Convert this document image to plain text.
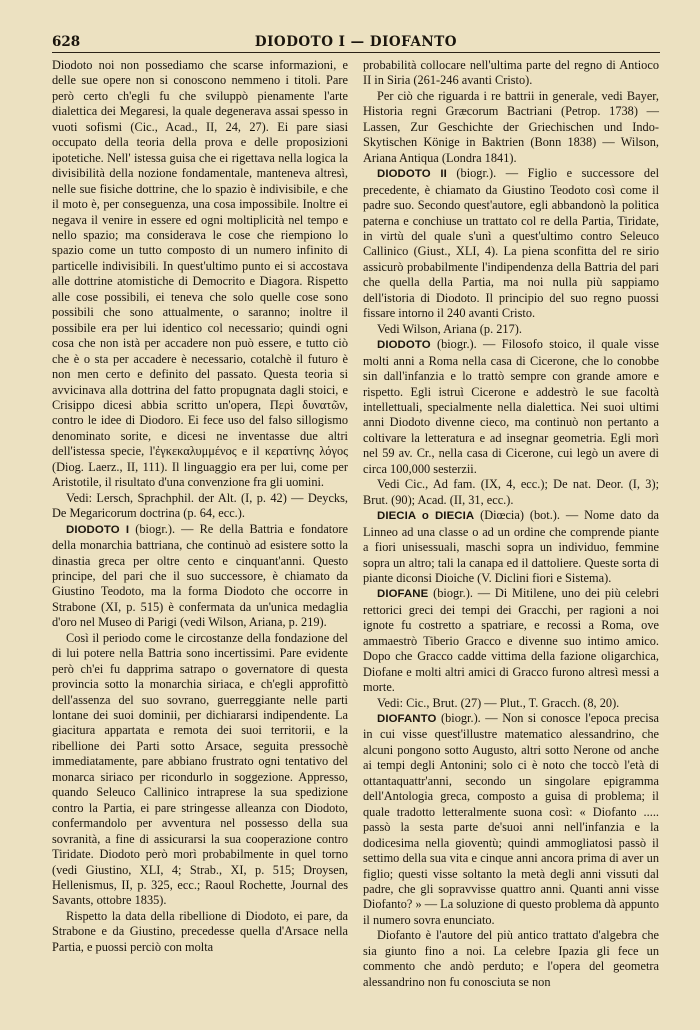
628	DIODOTO I — DIOFANTO

Diodoto noi non possediamo che scarse informazioni, e delle sue opere non si conoscono nemmeno i titoli. Pare però certo ch'egli fu che sviluppò pienamente l'arte dialettica dei Megaresi, la quale degenerava assai spesso in vuoti sofismi (Cic., Acad., II, 24, 27). Ei pare siasi occupato della teoria della prova e delle proposizioni ipotetiche. Nell' istessa guisa che ei rigettava nella logica la divisibilità della nozione fondamentale, manteneva altresì, nelle sue fisiche dottrine, che lo spazio è indivisibile, e che il moto è, per conseguenza, una cosa impossibile. Inoltre ei negava il venire in essere ed ogni moltiplicità nel tempo e nello spazio; ma considerava le cose che riempiono lo spazio come un tutto composto di un numero infinito di particelle indivisibili. In quest'ultimo punto ei si accostava alle dottrine atomistiche di Democrito e Diagora. Rispetto alle cose possibili, ei teneva che solo quelle cose sono possibili che sono attualmente, o saranno; inoltre il possibile era per lui identico col necessario; quindi ogni cosa che non istà per accadere non può essere, e tutto ciò che è o sta per accadere è necessario, cotalchè il futuro è non men certo e definito del passato. Questa teoria si avvicinava alla dottrina del fatto propugnata dagli stoici, e Crisippo dicesi abbia scritto un'opera, Περὶ δυνατῶν, contro le idee di Diodoro. Ei fece uso del falso sillogismo denominato sorite, e dicesi ne inventasse due altri dell'istessa specie, l'ἐγκεκαλυμμένος e il κερατίνης λόγος (Diog. Laerz., II, 111). Il linguaggio era per lui, come per Aristotile, il risultato d'una convenzione fra gli uomini.

Vedi: Lersch, Sprachphil. der Alt. (I, p. 42) — Deycks, De Megaricorum doctrina (p. 64, ecc.).

DIODOTO I (biogr.). — Re della Battria e fondatore della monarchia battriana, che continuò ad esistere sotto la dinastia greca per oltre cento e cinquant'anni. Questo principe, del pari che il suo successore, è chiamato da Giustino Teodoto, ma la forma Diodoto che occorre in Strabone (XI, p. 515) è confermata da un'unica medaglia d'oro nel Museo di Parigi (vedi Wilson, Ariana, p. 219).

Così il periodo come le circostanze della fondazione del di lui potere nella Battria sono incertissimi. Pare evidente però ch'ei fu dapprima satrapo o governatore di questa provincia sotto la monarchia siriaca, e ch'egli approfittò dell'assenza del suo sovrano, guerreggiante nelle parti lontane dei suoi dominii, per dichiararsi indipendente. La giacitura appartata e remota dei suoi territorii, e la ribellione dei Parti sotto Arsace, seguita pressochè immediatamente, pare abbiano frustrato ogni tentativo del monarca siriaco per ricondurlo in soggezione. Appresso, quando Seleuco Callinico intraprese la sua spedizione contro la Partia, ei pare stringesse alleanza con Diodoto, confermandolo per avventura nel possesso della sua sovranità, a fine di assicurarsi la sua cooperazione contro Tiridate. Diodoto però morì probabilmente in quel torno (vedi Giustino, XLI, 4; Strab., XI, p. 515; Droysen, Hellenismus, II, p. 325, ecc.; Raoul Rochette, Journal des Savants, ottobre 1835).

Rispetto la data della ribellione di Diodoto, ei pare, da Strabone e da Giustino, precedesse quella d'Arsace nella Partia, e puossi perciò con molta

probabilità collocare nell'ultima parte del regno di Antioco II in Siria (261-246 avanti Cristo).

Per ciò che riguarda i re battrii in generale, vedi Bayer, Historia regni Græcorum Bactriani (Petrop. 1738) — Lassen, Zur Geschichte der Griechischen und Indo-Skytischen Könige in Baktrien (Bonn 1838) — Wilson, Ariana Antiqua (Londra 1841).

DIODOTO II (biogr.). — Figlio e successore del precedente, è chiamato da Giustino Teodoto così come il padre suo. Secondo quest'autore, egli abbandonò la politica paterna e conchiuse un trattato col re della Partia, Tiridate, in virtù del quale s'unì a quest'ultimo contro Seleuco Callinico (Giust., XLI, 4). La piena sconfitta del re sirio assicurò probabilmente l'indipendenza della Battria del pari che quella della Partia, ma noi nulla più sappiamo dell'istoria di Diodoto. Il principio del suo regno puossi fissare intorno il 240 avanti Cristo.

Vedi Wilson, Ariana (p. 217).

DIODOTO (biogr.). — Filosofo stoico, il quale visse molti anni a Roma nella casa di Cicerone, che lo conobbe sin dall'infanzia e lo trattò sempre con grande amore e rispetto. Egli istruì Cicerone e addestrò le sue facoltà intellettuali, specialmente nella dialettica. Nei suoi ultimi anni Diodoto divenne cieco, ma continuò non pertanto a coltivare la letteratura e ad insegnar geometria. Egli morì nel 59 av. Cr., nella casa di Cicerone, cui legò un avere di circa 100,000 sesterzii.

Vedi Cic., Ad fam. (IX, 4, ecc.); De nat. Deor. (I, 3); Brut. (90); Acad. (II, 31, ecc.).

DIECIA o DIECIA (Diœcia) (bot.). — Nome dato da Linneo ad una classe o ad un ordine che comprende piante a fiori unisessuali, maschi sopra un individuo, femmine sopra un altro; tali la canapa ed il dattoliere. Queste sorta di piante diconsi Dioiche (V. Diclini fiori e Sistema).

DIOFANE (biogr.). — Di Mitilene, uno dei più celebri rettorici greci dei tempi dei Gracchi, per ragioni a noi ignote fu costretto a spatriare, e recossi a Roma, ove ammaestrò Tiberio Gracco e divenne suo intimo amico. Dopo che Gracco cadde vittima della fazione oligarchica, Diofane e molti altri amici di Gracco furono altresì messi a morte.

Vedi: Cic., Brut. (27) — Plut., T. Gracch. (8, 20).

DIOFANTO (biogr.). — Non si conosce l'epoca precisa in cui visse quest'illustre matematico alessandrino, che alcuni pongono sotto Augusto, altri sotto Nerone od anche ai tempi degli Antonini; solo ci è noto che toccò l'età di ottantaquattr'anni, secondo un singolare epigramma dell'Antologia greca, composto a guisa di problema; il quale tradotto letteralmente suona così: « Diofanto ..... passò la sesta parte de'suoi anni nell'infanzia e la dodicesima nella gioventù; quindi ammogliatosi passò il settimo della sua vita e cinque anni ancora prima di aver un figlio; questi visse soltanto la metà degli anni vissuti dal padre, che gli sopravvisse quattro anni. Quanti anni visse Diofanto? » — La soluzione di questo problema dà appunto il numero sovra enunciato.

Diofanto è l'autore del più antico trattato d'algebra che sia giunto fino a noi. La celebre Ipazia gli fece un commento che andò perduto; e l'opera del geometra alessandrino non fu conosciuta se non
